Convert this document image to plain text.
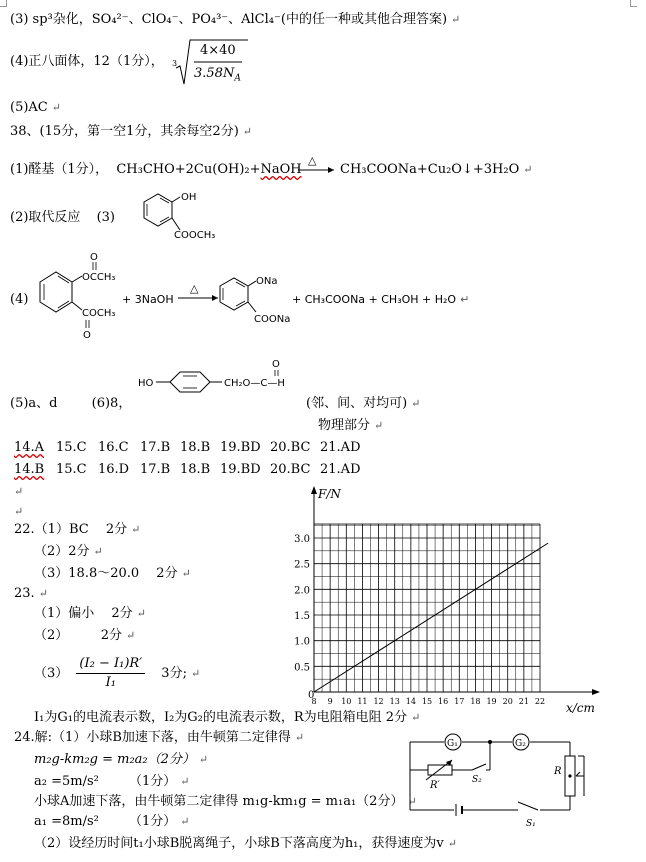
(3) sp³杂化，SO₄²⁻、ClO₄⁻、PO₄³⁻、AlCl₄⁻(中的任一种或其他合理答案) ↵
(4)正八面体，12（1分）， 3
4×40
$3.58N_A$
(5)AC ↵
38、(15分，第一空1分，其余每空2分) ↵
(1)醛基（1分）， CH₃CHO+2Cu(OH)₂+NaOH
△
CH₃COONa+Cu₂O↓+3H₂O ↵
(2)取代反应 (3)
OH
COOCH₃
(4)
OCCH₃
O
COCH₃
O
+ 3NaOH
△
ONa
COONa
+ CH₃COONa + CH₃OH + H₂O ↵
(5)a、d	(6)8，
HO	CH₂O—C—H
O
(邻、间、对均可) ↵
物理部分 ↵
14.A 15.C 16.C 17.B 18.B 19.BD 20.BC 21.AD
14.B 15.C 16.D 17.B 18.B 19.BD 20.BC 21.AD
↵
↵
22.（1）BC　 2分 ↵
（2）2分 ↵
（3）18.8～20.0　 2分 ↵
23. ↵
（1）偏小　 2分 ↵
（2）　　　2分 ↵
$(3) \frac{\text{(I₂ − I₁)R′}}{\text{I₁}} 3$分; ↵
I₁为G₁的电流表示数，I₂为G₂的电流表示数，R为电阻箱电阻 2分 ↵
24.解:（1）小球B加速下落，由牛顿第二定律得 ↵
m₂g-km₂g = m₂a₂（2分） ↵
a₂ =5m/s²　　 （1分） ↵
小球A加速下落，由牛顿第二定律得 m₁g-km₁g = m₁a₁（2分） ↵
a₁ =8m/s²　　 （1分） ↵
（2）设经历时间t₁小球B脱离绳子，小球B下落高度为h₁，获得速度为v ↵
0.5
1.0
1.5
2.0
2.5
3.0
8 9 10 11 12 13 14 15 16 17 18 19 20 21 22
F/N
x/cm
0
G₁	G₂
R′
R
S₂
S₁
